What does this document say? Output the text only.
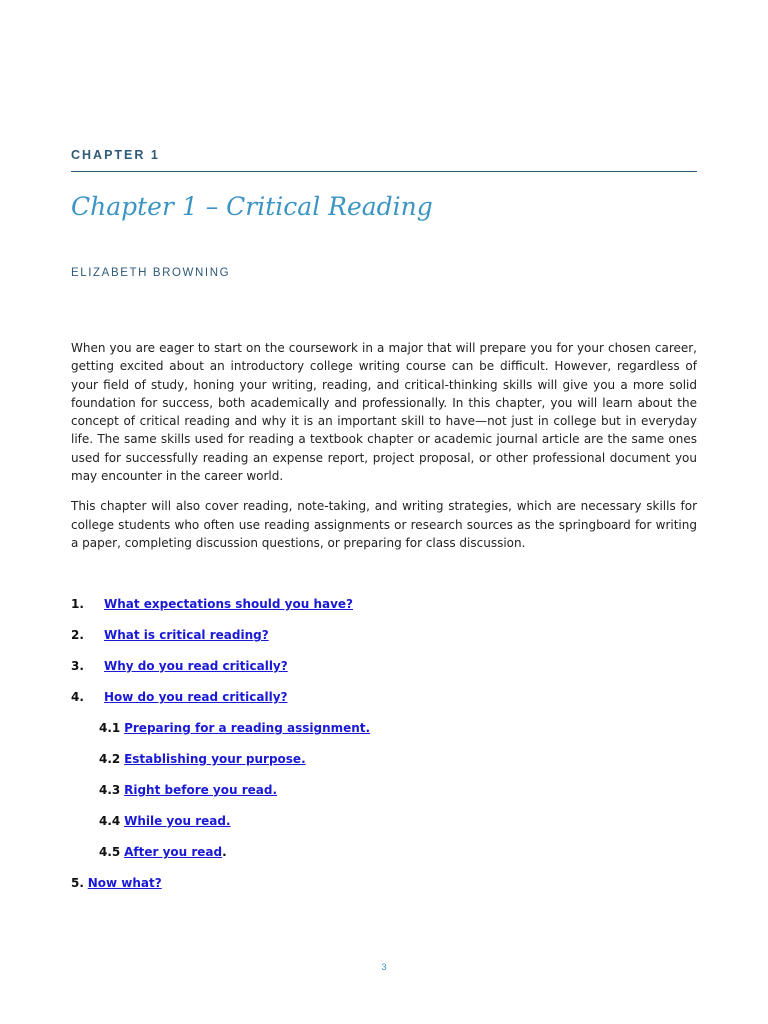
CHAPTER 1
Chapter 1 – Critical Reading
ELIZABETH BROWNING

When you are eager to start on the coursework in a major that will prepare you for your chosen career, getting excited about an introductory college writing course can be difficult. However, regardless of your field of study, honing your writing, reading, and critical-thinking skills will give you a more solid foundation for success, both academically and professionally. In this chapter, you will learn about the concept of critical reading and why it is an important skill to have—not just in college but in everyday life. The same skills used for reading a textbook chapter or academic journal article are the same ones used for successfully reading an expense report, project proposal, or other professional document you may encounter in the career world.

This chapter will also cover reading, note-taking, and writing strategies, which are necessary skills for college students who often use reading assignments or research sources as the springboard for writing a paper, completing discussion questions, or preparing for class discussion.

1. What expectations should you have?
2. What is critical reading?
3. Why do you read critically?
4. How do you read critically?
4.1 Preparing for a reading assignment.
4.2 Establishing your purpose.
4.3 Right before you read.
4.4 While you read.
4.5 After you read.
5. Now what?
3
